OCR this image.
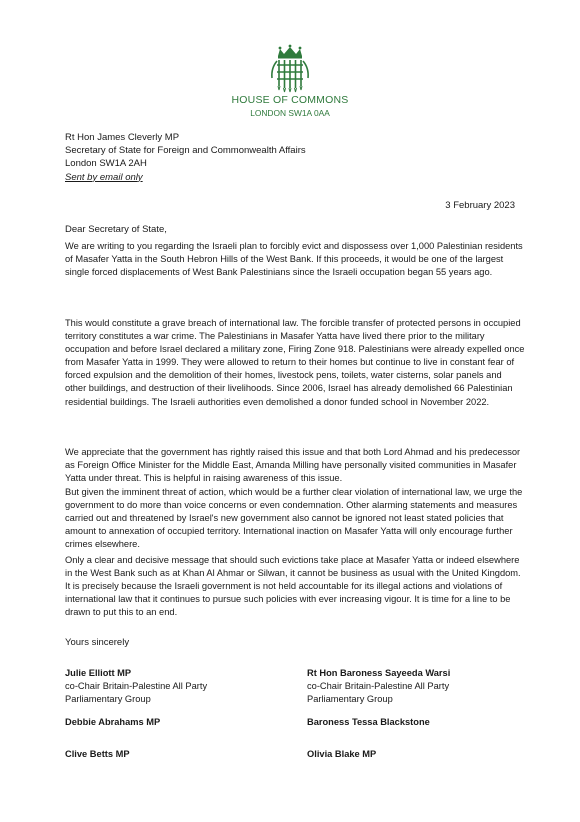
HOUSE OF COMMONS
LONDON SW1A 0AA
Rt Hon James Cleverly MP
Secretary of State for Foreign and Commonwealth Affairs
London SW1A 2AH
Sent by email only
3 February 2023
Dear Secretary of State,

We are writing to you regarding the Israeli plan to forcibly evict and dispossess over 1,000 Palestinian residents of Masafer Yatta in the South Hebron Hills of the West Bank. If this proceeds, it would be one of the largest single forced displacements of West Bank Palestinians since the Israeli occupation began 55 years ago.

This would constitute a grave breach of international law. The forcible transfer of protected persons in occupied territory constitutes a war crime. The Palestinians in Masafer Yatta have lived there prior to the military occupation and before Israel declared a military zone, Firing Zone 918. Palestinians were already expelled once from Masafer Yatta in 1999. They were allowed to return to their homes but continue to live in constant fear of forced expulsion and the demolition of their homes, livestock pens, toilets, water cisterns, solar panels and other buildings, and destruction of their livelihoods. Since 2006, Israel has already demolished 66 Palestinian residential buildings. The Israeli authorities even demolished a donor funded school in November 2022.

We appreciate that the government has rightly raised this issue and that both Lord Ahmad and his predecessor as Foreign Office Minister for the Middle East, Amanda Milling have personally visited communities in Masafer Yatta under threat. This is helpful in raising awareness of this issue.

But given the imminent threat of action, which would be a further clear violation of international law, we urge the government to do more than voice concerns or even condemnation. Other alarming statements and measures carried out and threatened by Israel's new government also cannot be ignored not least stated policies that amount to annexation of occupied territory. International inaction on Masafer Yatta will only encourage further crimes elsewhere.

Only a clear and decisive message that should such evictions take place at Masafer Yatta or indeed elsewhere in the West Bank such as at Khan Al Ahmar or Silwan, it cannot be business as usual with the United Kingdom. It is precisely because the Israeli government is not held accountable for its illegal actions and violations of international law that it continues to pursue such policies with ever increasing vigour. It is time for a line to be drawn to put this to an end.

Yours sincerely
Julie Elliott MP
co-Chair Britain-Palestine All Party
Parliamentary Group
Rt Hon Baroness Sayeeda Warsi
co-Chair Britain-Palestine All Party
Parliamentary Group
Debbie Abrahams MP	Baroness Tessa Blackstone
Clive Betts MP	Olivia Blake MP
